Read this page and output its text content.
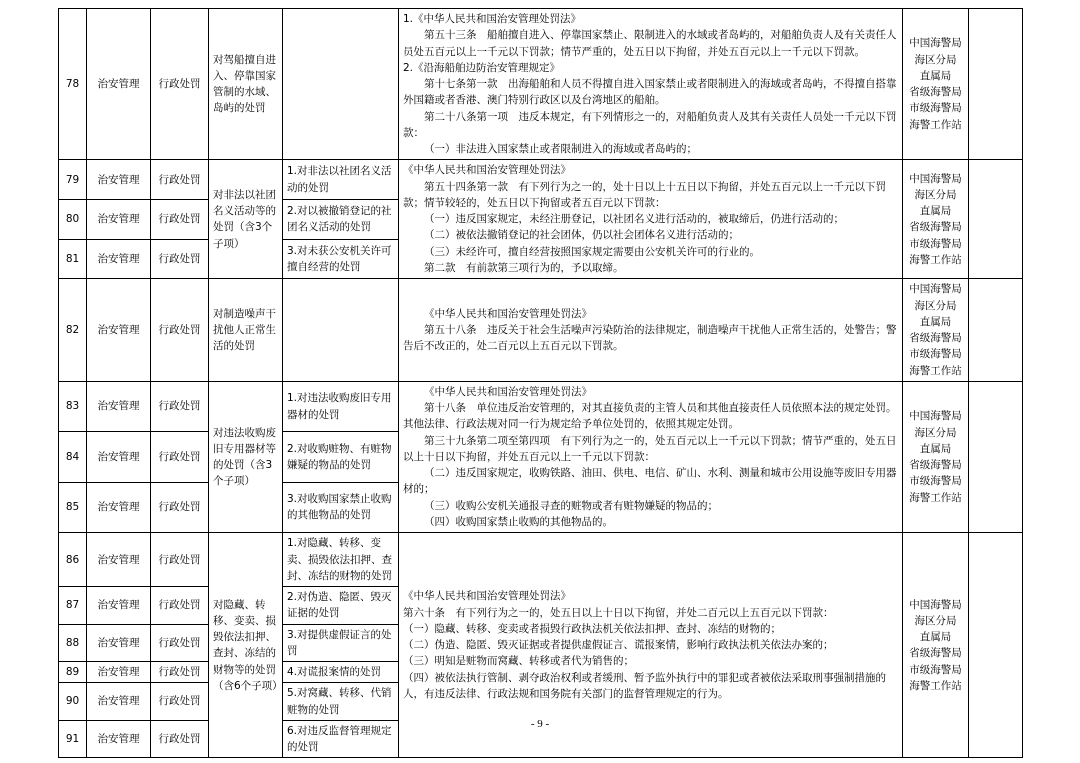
78	治安管理	行政处罚	对驾船擅自进入、停靠国家管制的水域、岛屿的处罚		

1.《中华人民共和国治安管理处罚法》

第五十三条　船舶擅自进入、停靠国家禁止、限制进入的水域或者岛屿的，对船舶负责人及有关责任人员处五百元以上一千元以下罚款；情节严重的，处五日以下拘留，并处五百元以上一千元以下罚款。

2.《沿海船舶边防治安管理规定》

第十七条第一款　出海船舶和人员不得擅自进入国家禁止或者限制进入的海域或者岛屿，不得擅自搭靠外国籍或者香港、澳门特别行政区以及台湾地区的船舶。

第二十八条第一项　违反本规定，有下列情形之一的，对船舶负责人及其有关责任人员处一千元以下罚款：

（一）非法进入国家禁止或者限制进入的海域或者岛屿的；

中国海警局
海区分局
直属局
省级海警局
市级海警局
海警工作站

79	治安管理	行政处罚	对非法以社团名义活动等的处罚（含3个子项）	1.对非法以社团名义活动的处罚	

《中华人民共和国治安管理处罚法》

第五十四条第一款　有下列行为之一的，处十日以上十五日以下拘留，并处五百元以上一千元以下罚款；情节较轻的，处五日以下拘留或者五百元以下罚款：

（一）违反国家规定，未经注册登记，以社团名义进行活动的，被取缔后，仍进行活动的；

（二）被依法撤销登记的社会团体，仍以社会团体名义进行活动的；

（三）未经许可，擅自经营按照国家规定需要由公安机关许可的行业的。

第二款　有前款第三项行为的，予以取缔。

中国海警局
海区分局
直属局
省级海警局
市级海警局
海警工作站

80	治安管理	行政处罚		2.对以被撤销登记的社团名义活动的处罚			
81	治安管理	行政处罚		3.对未获公安机关许可擅自经营的处罚			
82	治安管理	行政处罚	对制造噪声干扰他人正常生活的处罚		

《中华人民共和国治安管理处罚法》

第五十八条　违反关于社会生活噪声污染防治的法律规定，制造噪声干扰他人正常生活的，处警告；警告后不改正的，处二百元以上五百元以下罚款。

中国海警局
海区分局
直属局
省级海警局
市级海警局
海警工作站

83	治安管理	行政处罚	对违法收购废旧专用器材等的处罚（含3个子项）	1.对违法收购废旧专用器材的处罚	

《中华人民共和国治安管理处罚法》

第十八条　单位违反治安管理的，对其直接负责的主管人员和其他直接责任人员依照本法的规定处罚。其他法律、行政法规对同一行为规定给予单位处罚的，依照其规定处罚。

第三十九条第二项至第四项　有下列行为之一的，处五百元以上一千元以下罚款；情节严重的，处五日以上十日以下拘留，并处五百元以上一千元以下罚款：

（二）违反国家规定，收购铁路、油田、供电、电信、矿山、水利、测量和城市公用设施等废旧专用器材的；

（三）收购公安机关通报寻查的赃物或者有赃物嫌疑的物品的；

（四）收购国家禁止收购的其他物品的。

中国海警局
海区分局
直属局
省级海警局
市级海警局
海警工作站

84	治安管理	行政处罚		2.对收购赃物、有赃物嫌疑的物品的处罚			
85	治安管理	行政处罚		3.对收购国家禁止收购的其他物品的处罚			
86	治安管理	行政处罚	对隐藏、转移、变卖、损毁依法扣押、查封、冻结的财物等的处罚（含6个子项）	1.对隐藏、转移、变卖、损毁依法扣押、查封、冻结的财物的处罚	

《中华人民共和国治安管理处罚法》

第六十条　有下列行为之一的，处五日以上十日以下拘留，并处二百元以上五百元以下罚款：

（一）隐藏、转移、变卖或者损毁行政执法机关依法扣押、查封、冻结的财物的；

（二）伪造、隐匿、毁灭证据或者提供虚假证言、谎报案情，影响行政执法机关依法办案的；

（三）明知是赃物而窝藏、转移或者代为销售的；

（四）被依法执行管制、剥夺政治权利或者缓刑、暂予监外执行中的罪犯或者被依法采取刑事强制措施的人，有违反法律、行政法规和国务院有关部门的监督管理规定的行为。

中国海警局
海区分局
直属局
省级海警局
市级海警局
海警工作站

87	治安管理	行政处罚		2.对伪造、隐匿、毁灭证据的处罚			
88	治安管理	行政处罚		3.对提供虚假证言的处罚			
89	治安管理	行政处罚		4.对谎报案情的处罚			
90	治安管理	行政处罚		5.对窝藏、转移、代销赃物的处罚			
91	治安管理	行政处罚		6.对违反监督管理规定的处罚			
- 9 -
